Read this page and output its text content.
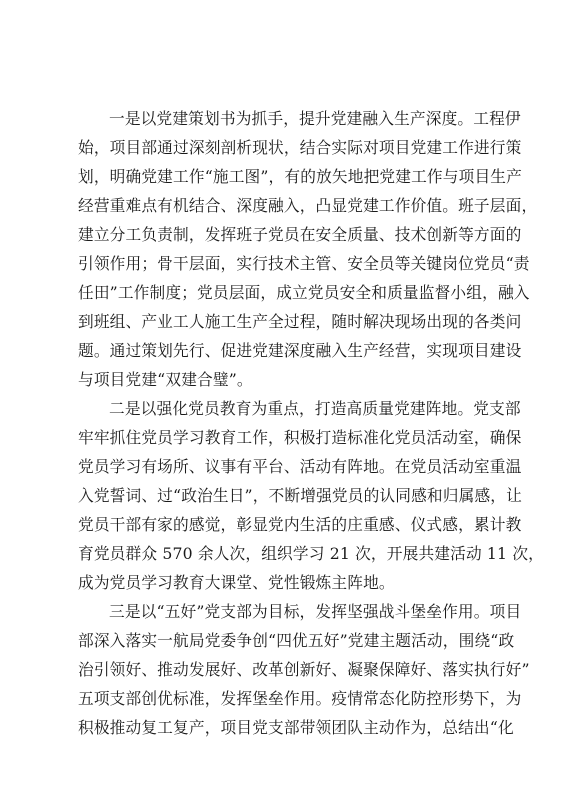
一是以党建策划书为抓手，提升党建融入生产深度。工程伊
始，项目部通过深刻剖析现状，结合实际对项目党建工作进行策
划，明确党建工作“施工图”，有的放矢地把党建工作与项目生产
经营重难点有机结合、深度融入，凸显党建工作价值。班子层面，
建立分工负责制，发挥班子党员在安全质量、技术创新等方面的
引领作用；骨干层面，实行技术主管、安全员等关键岗位党员“责
任田”工作制度；党员层面，成立党员安全和质量监督小组，融入
到班组、产业工人施工生产全过程，随时解决现场出现的各类问
题。通过策划先行、促进党建深度融入生产经营，实现项目建设
与项目党建“双建合璧”。
二是以强化党员教育为重点，打造高质量党建阵地。党支部
牢牢抓住党员学习教育工作，积极打造标准化党员活动室，确保
党员学习有场所、议事有平台、活动有阵地。在党员活动室重温
入党誓词、过“政治生日”，不断增强党员的认同感和归属感，让
党员干部有家的感觉，彰显党内生活的庄重感、仪式感，累计教
育党员群众 570 余人次，组织学习 21 次，开展共建活动 11 次，
成为党员学习教育大课堂、党性锻炼主阵地。
三是以“五好”党支部为目标，发挥坚强战斗堡垒作用。项目
部深入落实一航局党委争创“四优五好”党建主题活动，围绕“政
治引领好、推动发展好、改革创新好、凝聚保障好、落实执行好”
五项支部创优标准，发挥堡垒作用。疫情常态化防控形势下，为
积极推动复工复产，项目党支部带领团队主动作为，总结出“化
